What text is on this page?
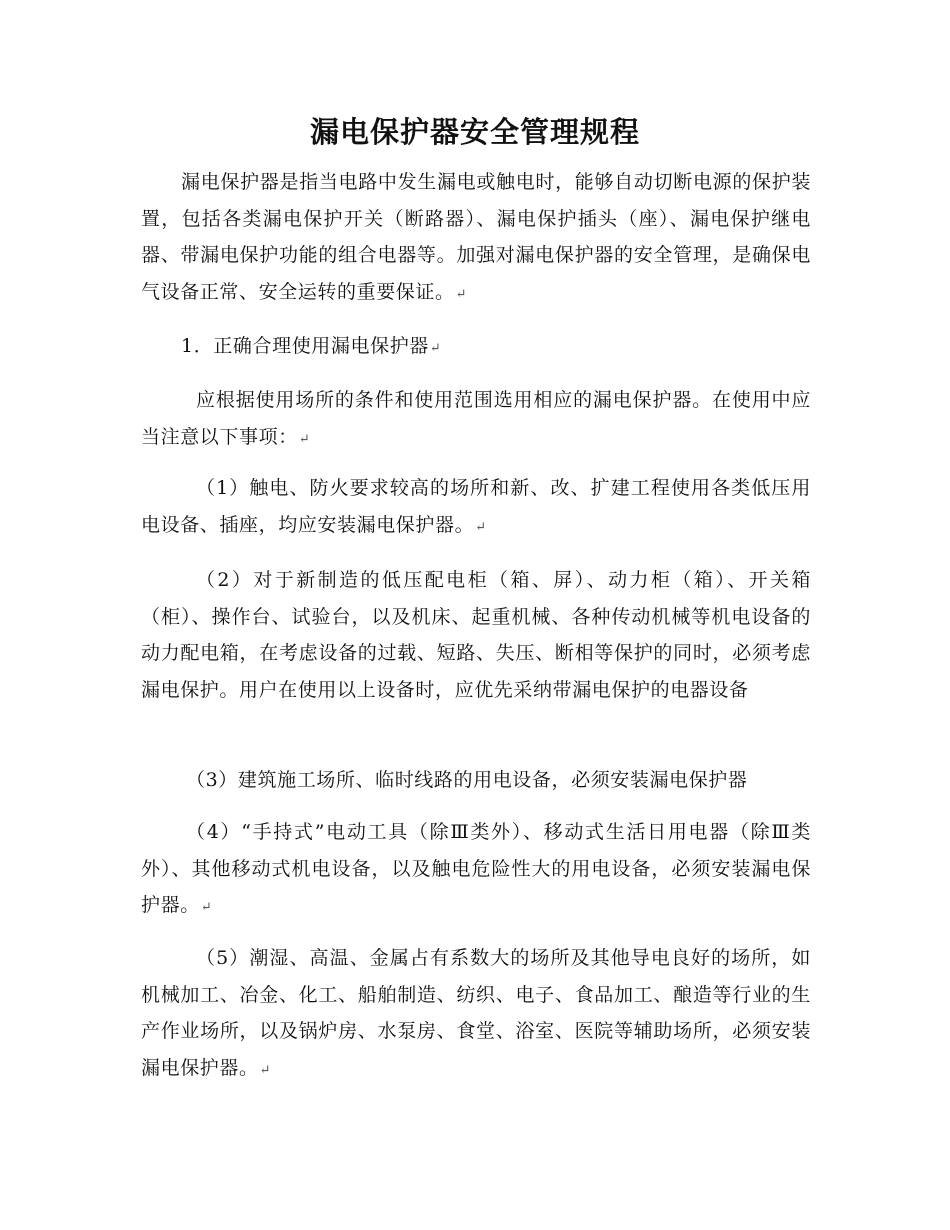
漏电保护器安全管理规程
漏电保护器是指当电路中发生漏电或触电时，能够自动切断电源的保护装置，包括各类漏电保护开关（断路器）、漏电保护插头（座）、漏电保护继电器、带漏电保护功能的组合电器等。加强对漏电保护器的安全管理，是确保电气设备正常、安全运转的重要保证。↵
1．正确合理使用漏电保护器↵
应根据使用场所的条件和使用范围选用相应的漏电保护器。在使用中应当注意以下事项：↵
（1）触电、防火要求较高的场所和新、改、扩建工程使用各类低压用电设备、插座，均应安装漏电保护器。↵
（2）对于新制造的低压配电柜（箱、屏）、动力柜（箱）、开关箱（柜）、操作台、试验台，以及机床、起重机械、各种传动机械等机电设备的动力配电箱，在考虑设备的过载、短路、失压、断相等保护的同时，必须考虑漏电保护。用户在使用以上设备时，应优先采纳带漏电保护的电器设备
（3）建筑施工场所、临时线路的用电设备，必须安装漏电保护器
（4）“手持式”电动工具（除Ⅲ类外）、移动式生活日用电器（除Ⅲ类外）、其他移动式机电设备，以及触电危险性大的用电设备，必须安装漏电保护器。↵
（5）潮湿、高温、金属占有系数大的场所及其他导电良好的场所，如机械加工、冶金、化工、船舶制造、纺织、电子、食品加工、酿造等行业的生产作业场所，以及锅炉房、水泵房、食堂、浴室、医院等辅助场所，必须安装漏电保护器。↵
